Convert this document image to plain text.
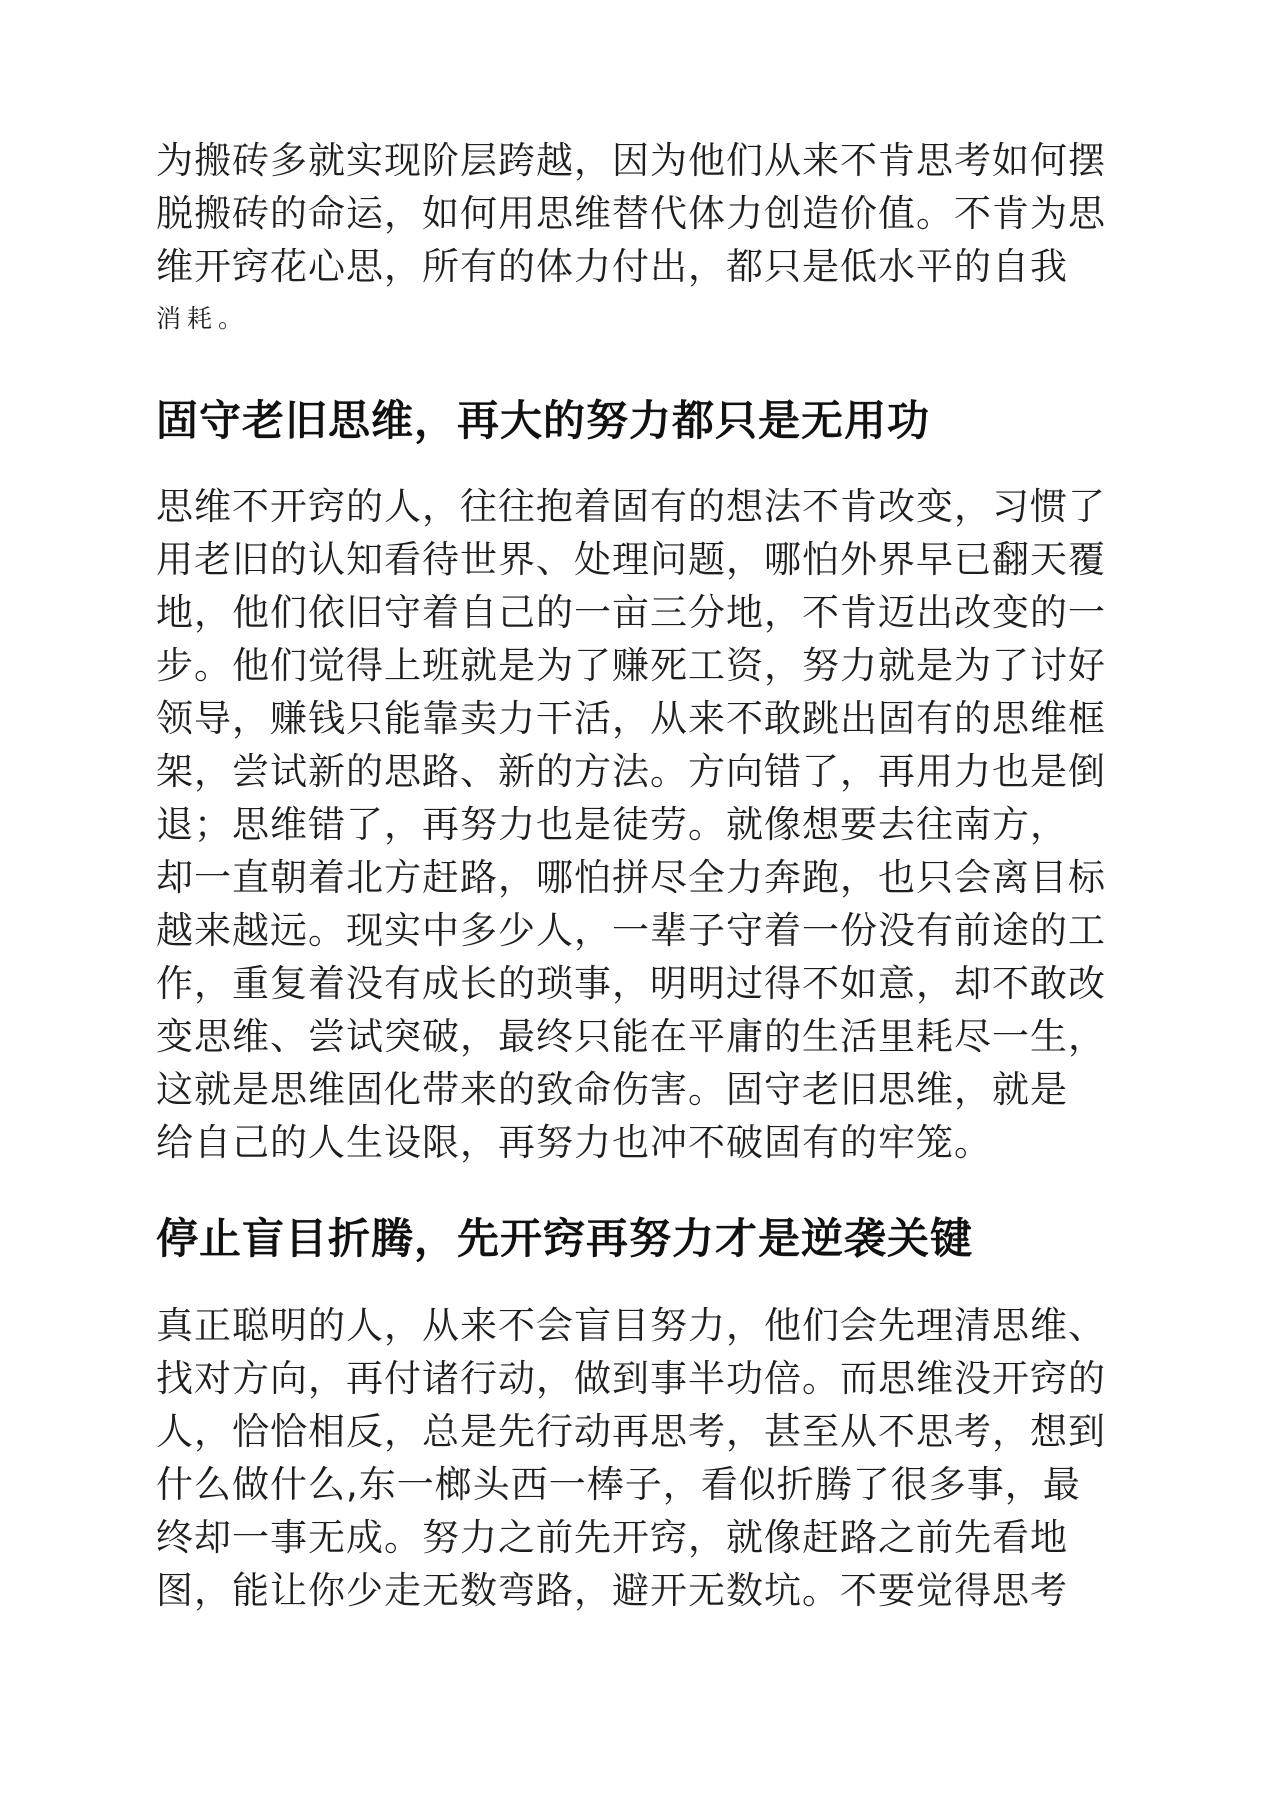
为搬砖多就实现阶层跨越，因为他们从来不肯思考如何摆
脱搬砖的命运，如何用思维替代体力创造价值。不肯为思
维开窍花心思，所有的体力付出，都只是低水平的自我
消耗。
固守老旧思维，再大的努力都只是无用功
思维不开窍的人，往往抱着固有的想法不肯改变，习惯了
用老旧的认知看待世界、处理问题，哪怕外界早已翻天覆
地，他们依旧守着自己的一亩三分地，不肯迈出改变的一
步。他们觉得上班就是为了赚死工资，努力就是为了讨好
领导，赚钱只能靠卖力干活，从来不敢跳出固有的思维框
架，尝试新的思路、新的方法。方向错了，再用力也是倒
退；思维错了，再努力也是徒劳。就像想要去往南方，
却一直朝着北方赶路，哪怕拼尽全力奔跑，也只会离目标
越来越远。现实中多少人，一辈子守着一份没有前途的工
作，重复着没有成长的琐事，明明过得不如意，却不敢改
变思维、尝试突破，最终只能在平庸的生活里耗尽一生，
这就是思维固化带来的致命伤害。固守老旧思维，就是
给自己的人生设限，再努力也冲不破固有的牢笼。
停止盲目折腾，先开窍再努力才是逆袭关键
真正聪明的人，从来不会盲目努力，他们会先理清思维、
找对方向，再付诸行动，做到事半功倍。而思维没开窍的
人，恰恰相反，总是先行动再思考，甚至从不思考，想到
什么做什么,东一榔头西一棒子，看似折腾了很多事，最
终却一事无成。努力之前先开窍，就像赶路之前先看地
图，能让你少走无数弯路，避开无数坑。不要觉得思考
